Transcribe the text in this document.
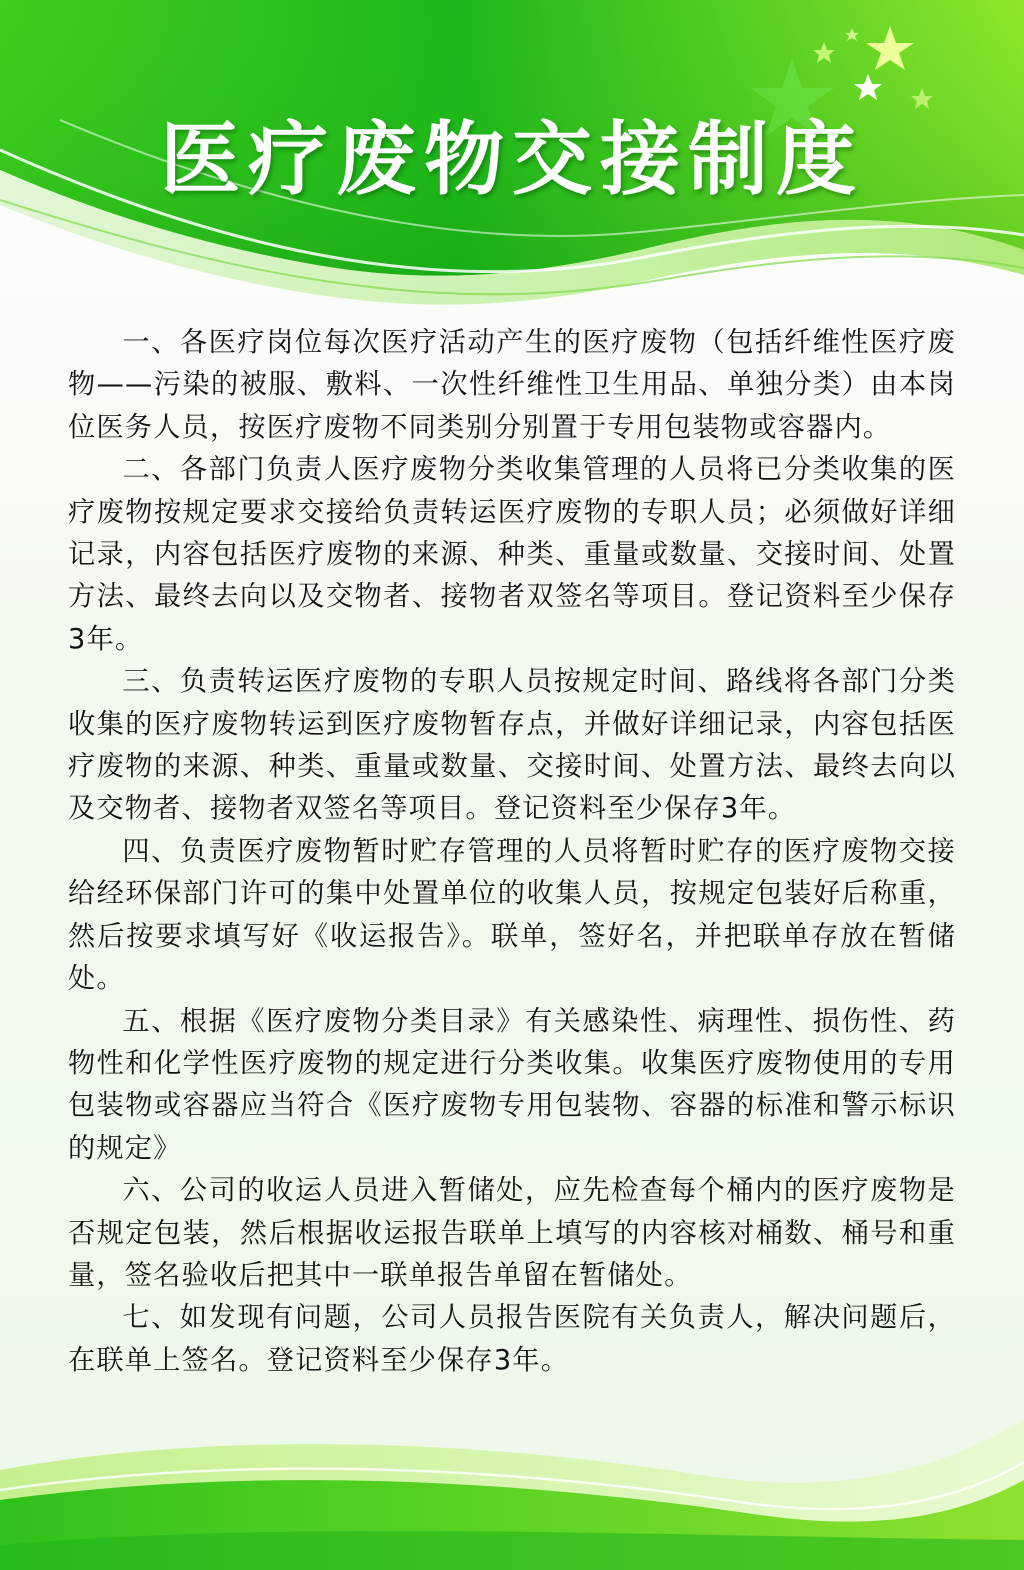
医疗废物交接制度

一、各医疗岗位每次医疗活动产生的医疗废物（包括纤维性医疗废物——污染的被服、敷料、一次性纤维性卫生用品、单独分类）由本岗位医务人员，按医疗废物不同类别分别置于专用包装物或容器内。

二、各部门负责人医疗废物分类收集管理的人员将已分类收集的医疗废物按规定要求交接给负责转运医疗废物的专职人员；必须做好详细记录，内容包括医疗废物的来源、种类、重量或数量、交接时间、处置方法、最终去向以及交物者、接物者双签名等项目。登记资料至少保存3年。

三、负责转运医疗废物的专职人员按规定时间、路线将各部门分类收集的医疗废物转运到医疗废物暂存点，并做好详细记录，内容包括医疗废物的来源、种类、重量或数量、交接时间、处置方法、最终去向以及交物者、接物者双签名等项目。登记资料至少保存3年。

四、负责医疗废物暂时贮存管理的人员将暂时贮存的医疗废物交接给经环保部门许可的集中处置单位的收集人员，按规定包装好后称重，然后按要求填写好《收运报告》。联单，签好名，并把联单存放在暂储处。

五、根据《医疗废物分类目录》有关感染性、病理性、损伤性、药物性和化学性医疗废物的规定进行分类收集。收集医疗废物使用的专用包装物或容器应当符合《医疗废物专用包装物、容器的标准和警示标识的规定》

六、公司的收运人员进入暂储处，应先检查每个桶内的医疗废物是否规定包装，然后根据收运报告联单上填写的内容核对桶数、桶号和重量，签名验收后把其中一联单报告单留在暂储处。

七、如发现有问题，公司人员报告医院有关负责人，解决问题后，在联单上签名。登记资料至少保存3年。
